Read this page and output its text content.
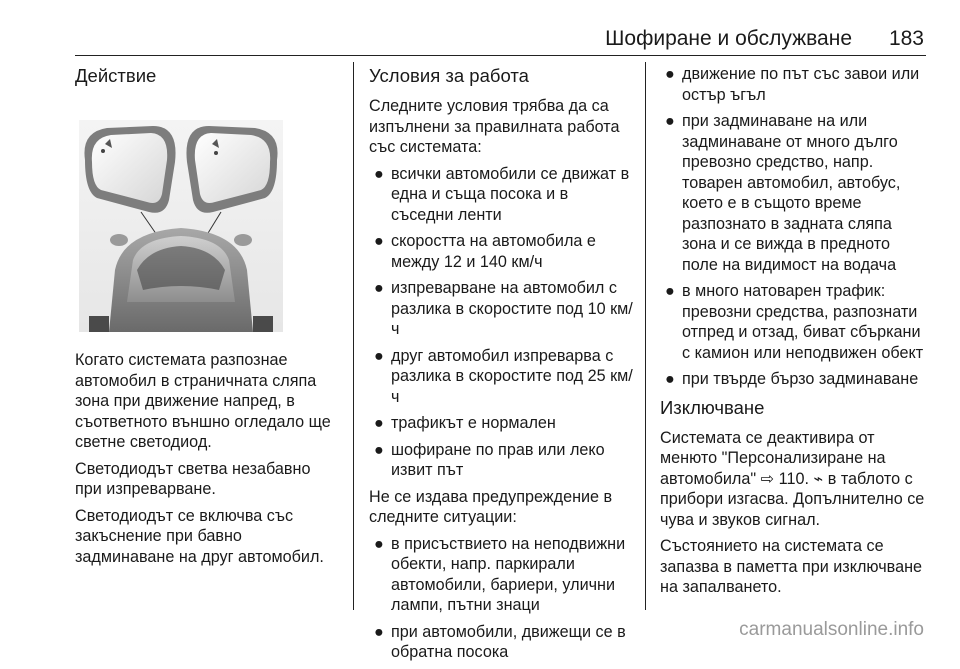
Шофиране и обслужване 183
Действие

Когато системата разпознае автомобил в страничната сляпа зона при движение напред, в съответното външно огледало ще светне светодиод.

Светодиодът светва незабавно при изпреварване.

Светодиодът се включва със закъснение при бавно задминаване на друг автомобил.

Условия за работа

Следните условия трябва да са изпълнени за правилната работа със системата:

● всички автомобили се движат в една и съща посока и в съседни ленти
● скоростта на автомобила е между 12 и 140 км/ч
● изпреварване на автомобил с разлика в скоростите под 10 км/ч
● друг автомобил изпреварва с разлика в скоростите под 25 км/ч
● трафикът е нормален
● шофиране по прав или леко извит път

Не се издава предупреждение в следните ситуации:

● в присъствието на неподвижни обекти, напр. паркирали автомобили, бариери, улични лампи, пътни знаци
● при автомобили, движещи се в обратна посока
● движение по път със завои или остър ъгъл
● при задминаване на или задминаване от много дълго превозно средство, напр. товарен автомобил, автобус, което е в същото време разпознато в задната сляпа зона и се вижда в предното поле на видимост на водача
● в много натоварен трафик: превозни средства, разпознати отпред и отзад, биват сбъркани с камион или неподвижен обект
● при твърде бързо задминаване
Изключване

Системата се деактивира от менюто "Персонализиране на автомобила" ⇨ 110. ⌁ в таблото с прибори изгасва. Допълнително се чува и звуков сигнал.

Състоянието на системата се запазва в паметта при изключване на запалването.

carmanualsonline.info
